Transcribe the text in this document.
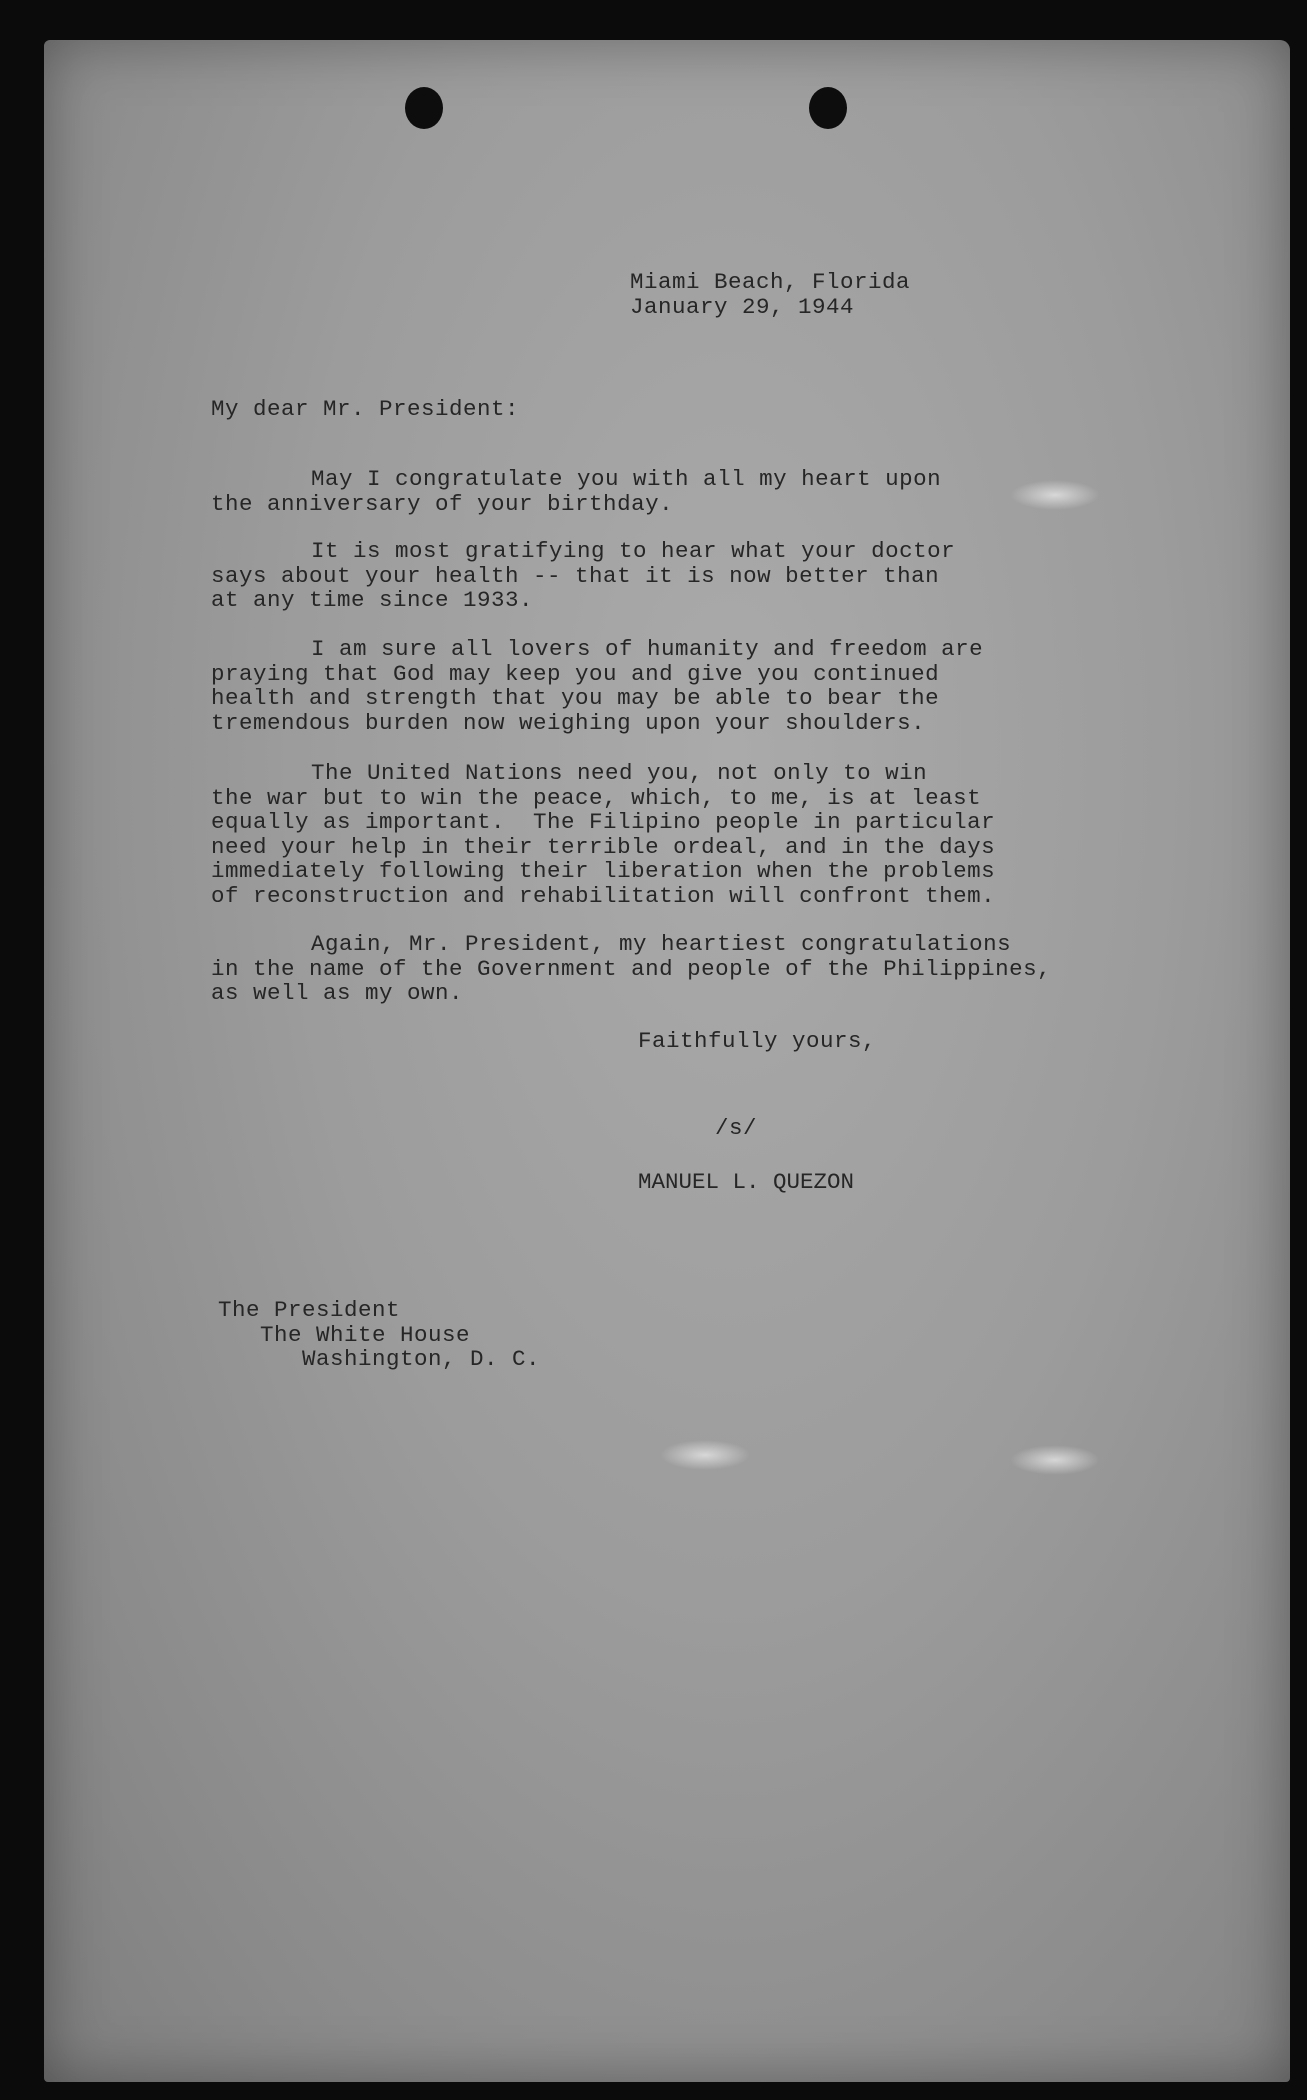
Miami Beach, Florida
January 29, 1944
My dear Mr. President:
May I congratulate you with all my heart upon
the anniversary of your birthday.
It is most gratifying to hear what your doctor
says about your health -- that it is now better than
at any time since 1933.
I am sure all lovers of humanity and freedom are
praying that God may keep you and give you continued
health and strength that you may be able to bear the
tremendous burden now weighing upon your shoulders.
The United Nations need you, not only to win
the war but to win the peace, which, to me, is at least
equally as important.  The Filipino people in particular
need your help in their terrible ordeal, and in the days
immediately following their liberation when the problems
of reconstruction and rehabilitation will confront them.
Again, Mr. President, my heartiest congratulations
in the name of the Government and people of the Philippines,
as well as my own.
Faithfully yours,
/s/
MANUEL L. QUEZON
The President
The White House
Washington, D. C.
